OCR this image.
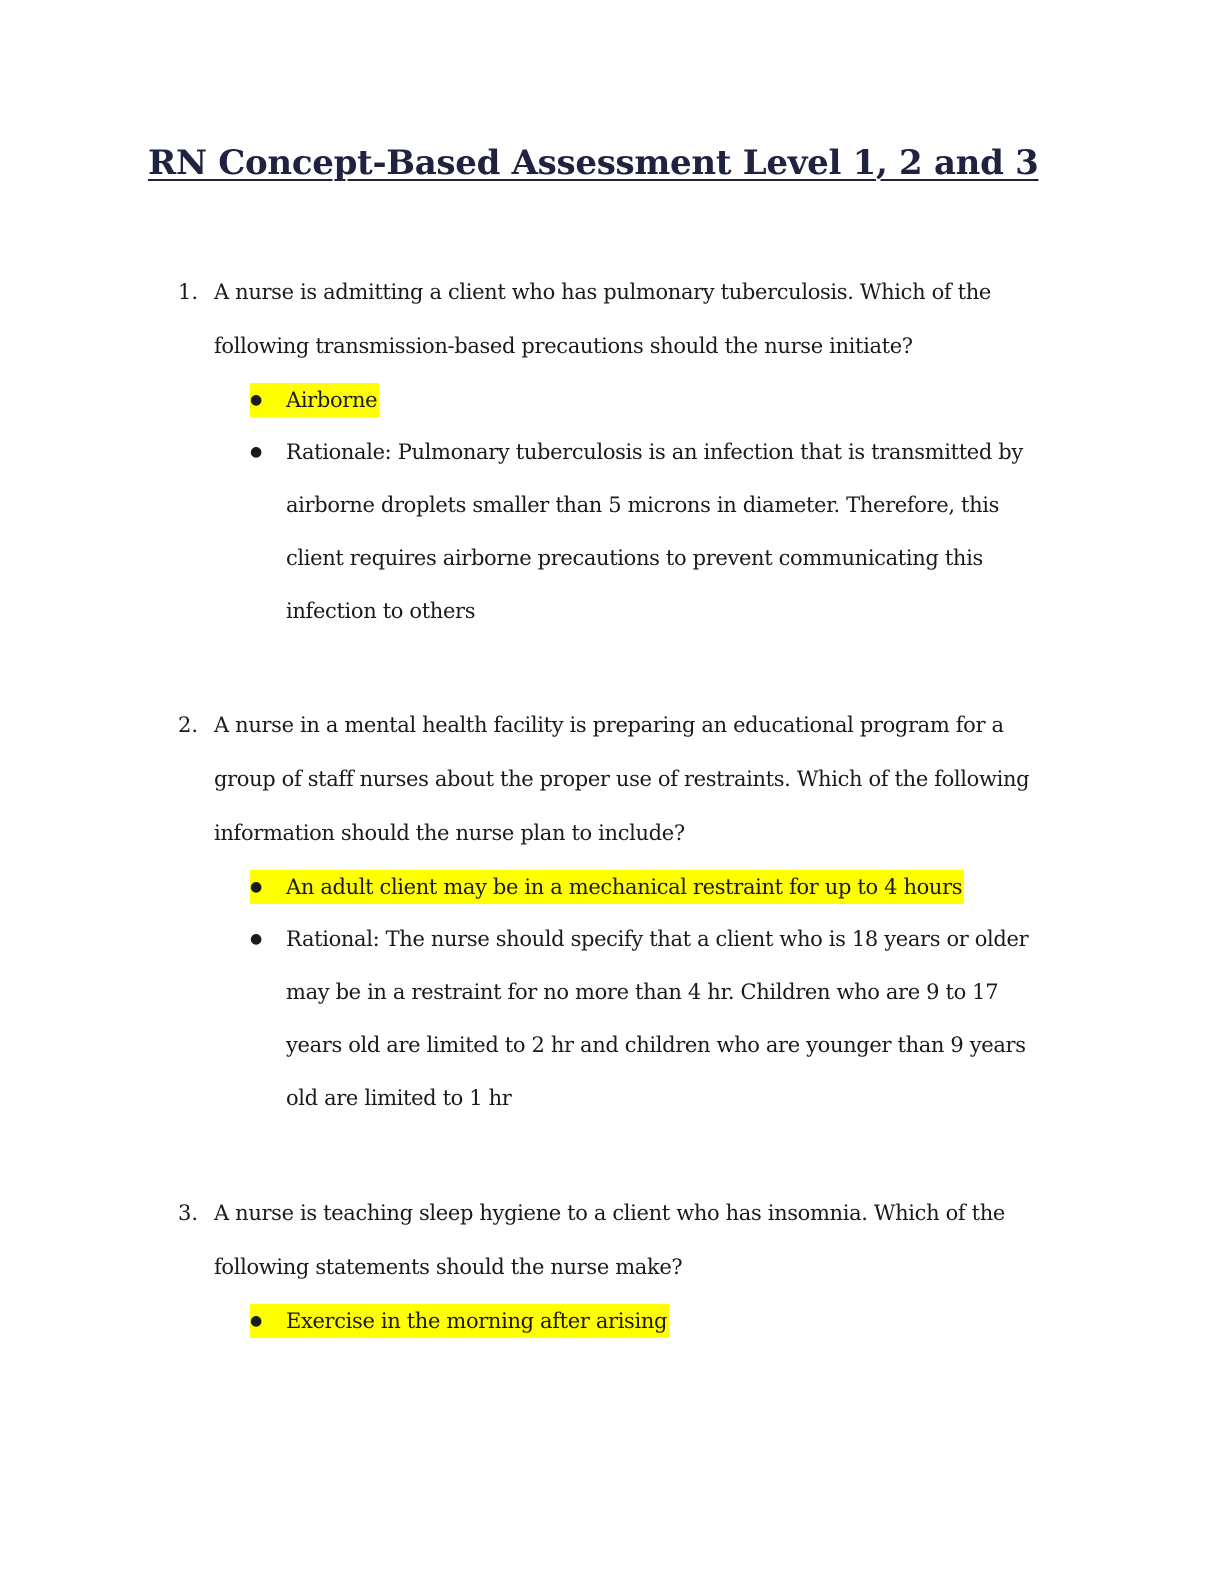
RN Concept-Based Assessment Level 1, 2 and 3
1. A nurse is admitting a client who has pulmonary tuberculosis. Which of the following transmission-based precautions should the nurse initiate?
●	Airborne
●	Rationale: Pulmonary tuberculosis is an infection that is transmitted by airborne droplets smaller than 5 microns in diameter. Therefore, this client requires airborne precautions to prevent communicating this infection to others
2. A nurse in a mental health facility is preparing an educational program for a group of staff nurses about the proper use of restraints. Which of the following information should the nurse plan to include?
●	An adult client may be in a mechanical restraint for up to 4 hours
●	Rational: The nurse should specify that a client who is 18 years or older may be in a restraint for no more than 4 hr. Children who are 9 to 17 years old are limited to 2 hr and children who are younger than 9 years old are limited to 1 hr
3. A nurse is teaching sleep hygiene to a client who has insomnia. Which of the following statements should the nurse make?
●	Exercise in the morning after arising
